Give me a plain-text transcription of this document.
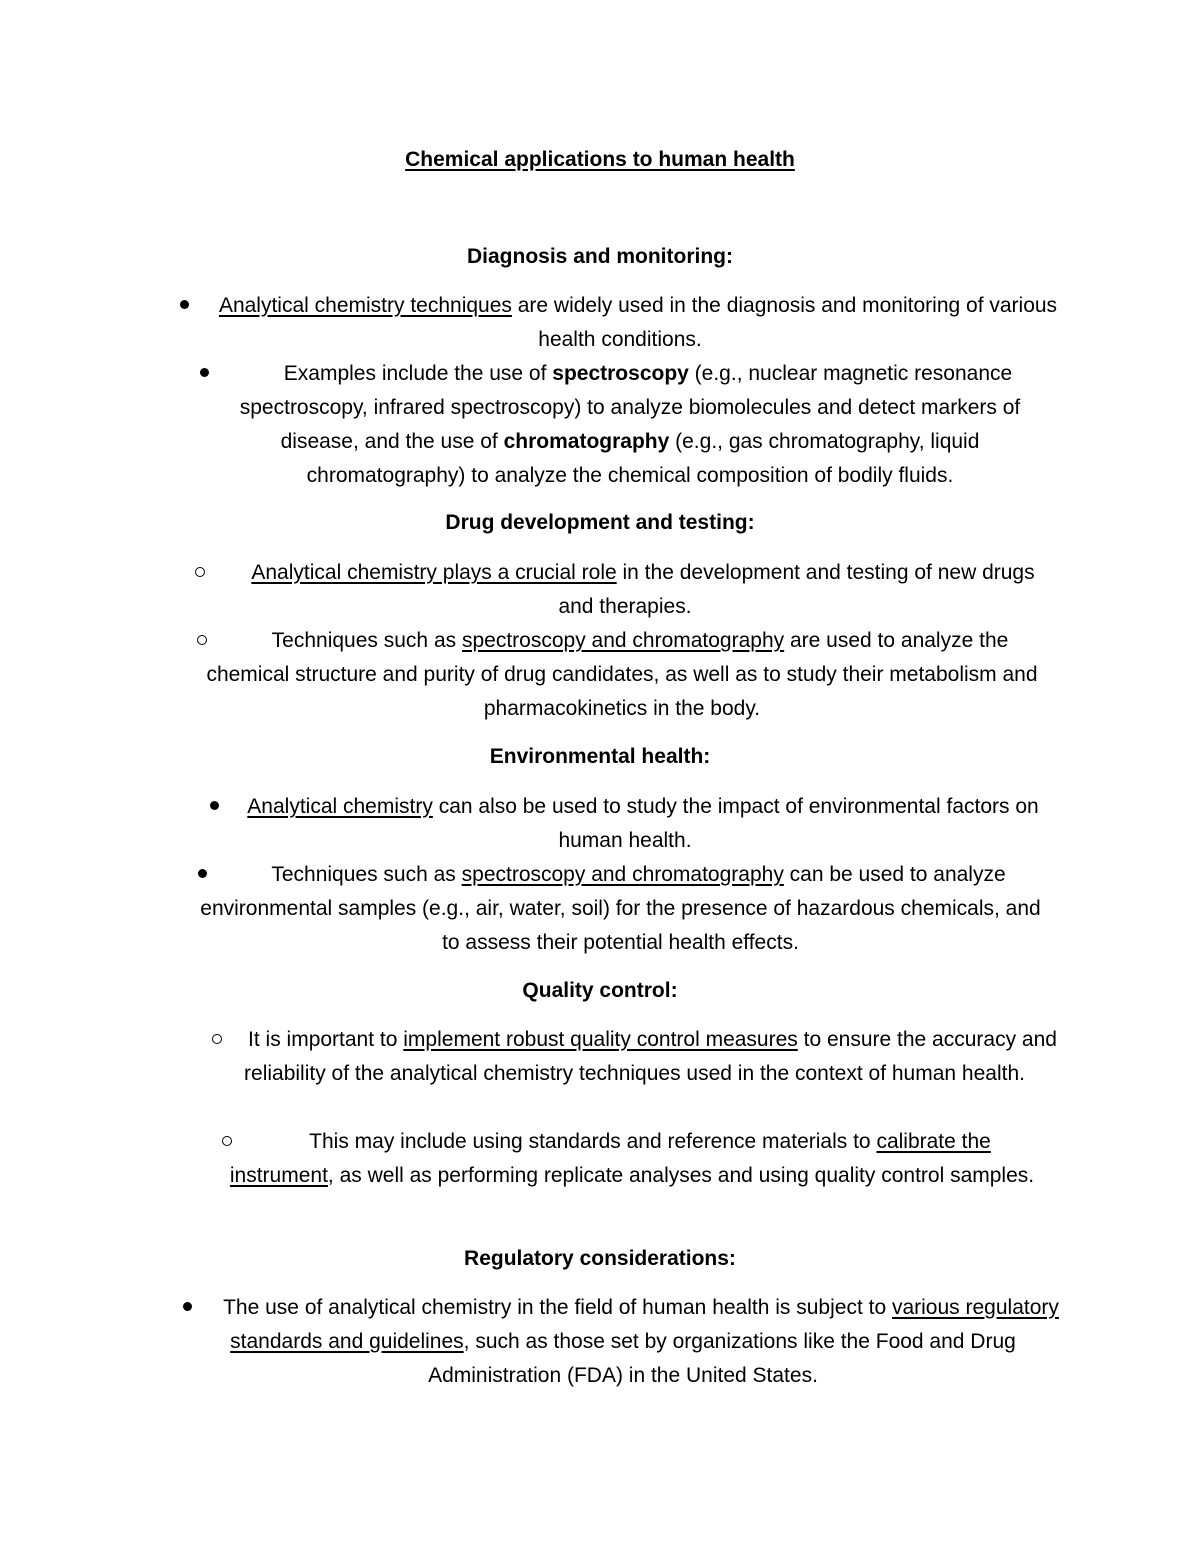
Chemical applications to human health
Diagnosis and monitoring:
Analytical chemistry techniques are widely used in the diagnosis and monitoring of various health conditions.
Examples include the use of spectroscopy (e.g., nuclear magnetic resonance spectroscopy, infrared spectroscopy) to analyze biomolecules and detect markers of disease, and the use of chromatography (e.g., gas chromatography, liquid chromatography) to analyze the chemical composition of bodily fluids.
Drug development and testing:
Analytical chemistry plays a crucial role in the development and testing of new drugs and therapies.
Techniques such as spectroscopy and chromatography are used to analyze the chemical structure and purity of drug candidates, as well as to study their metabolism and pharmacokinetics in the body.
Environmental health:
Analytical chemistry can also be used to study the impact of environmental factors on human health.
Techniques such as spectroscopy and chromatography can be used to analyze environmental samples (e.g., air, water, soil) for the presence of hazardous chemicals, and to assess their potential health effects.
Quality control:
It is important to implement robust quality control measures to ensure the accuracy and reliability of the analytical chemistry techniques used in the context of human health.
This may include using standards and reference materials to calibrate the instrument, as well as performing replicate analyses and using quality control samples.
Regulatory considerations:
The use of analytical chemistry in the field of human health is subject to various regulatory standards and guidelines, such as those set by organizations like the Food and Drug Administration (FDA) in the United States.
